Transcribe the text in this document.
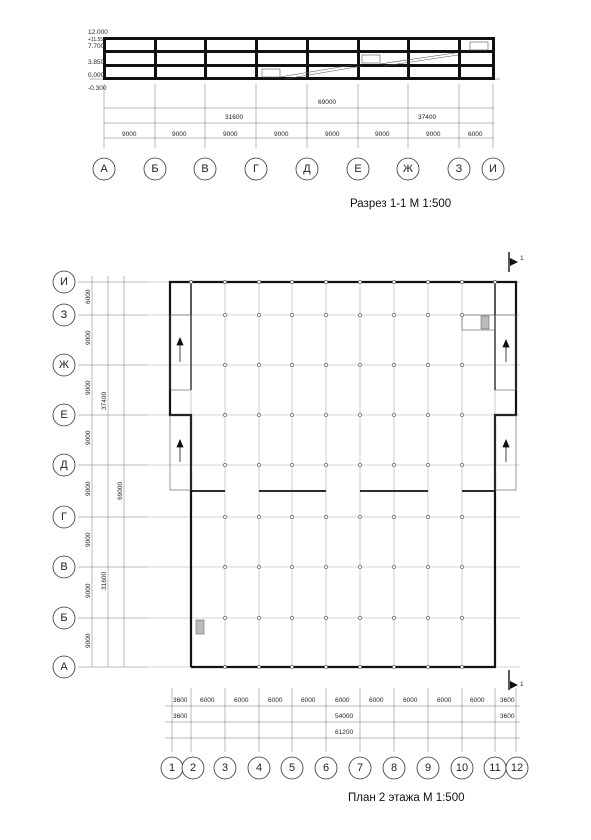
12.000
+11.550
7.700
3.850
0.000
-0.300
69000
31600	37400
9000	9000	9000	9000	9000	9000	9000	6000
А	Б	В	Г	Д	Е	Ж	З И
Разрез 1-1 М 1:500
1
1
6000
9000
9000
9000
9000
9000
9000
9000
37400
31600
69000
И
З
Ж
Е
Д
Г
В
Б
А
3600 6000	6000	6000	6000	6000	6000	6000	6000	6000 3600
3600	54000	3600
61200
1 2 3	4 5	6	7	8	9 10 11 12
План 2 этажа М 1:500
